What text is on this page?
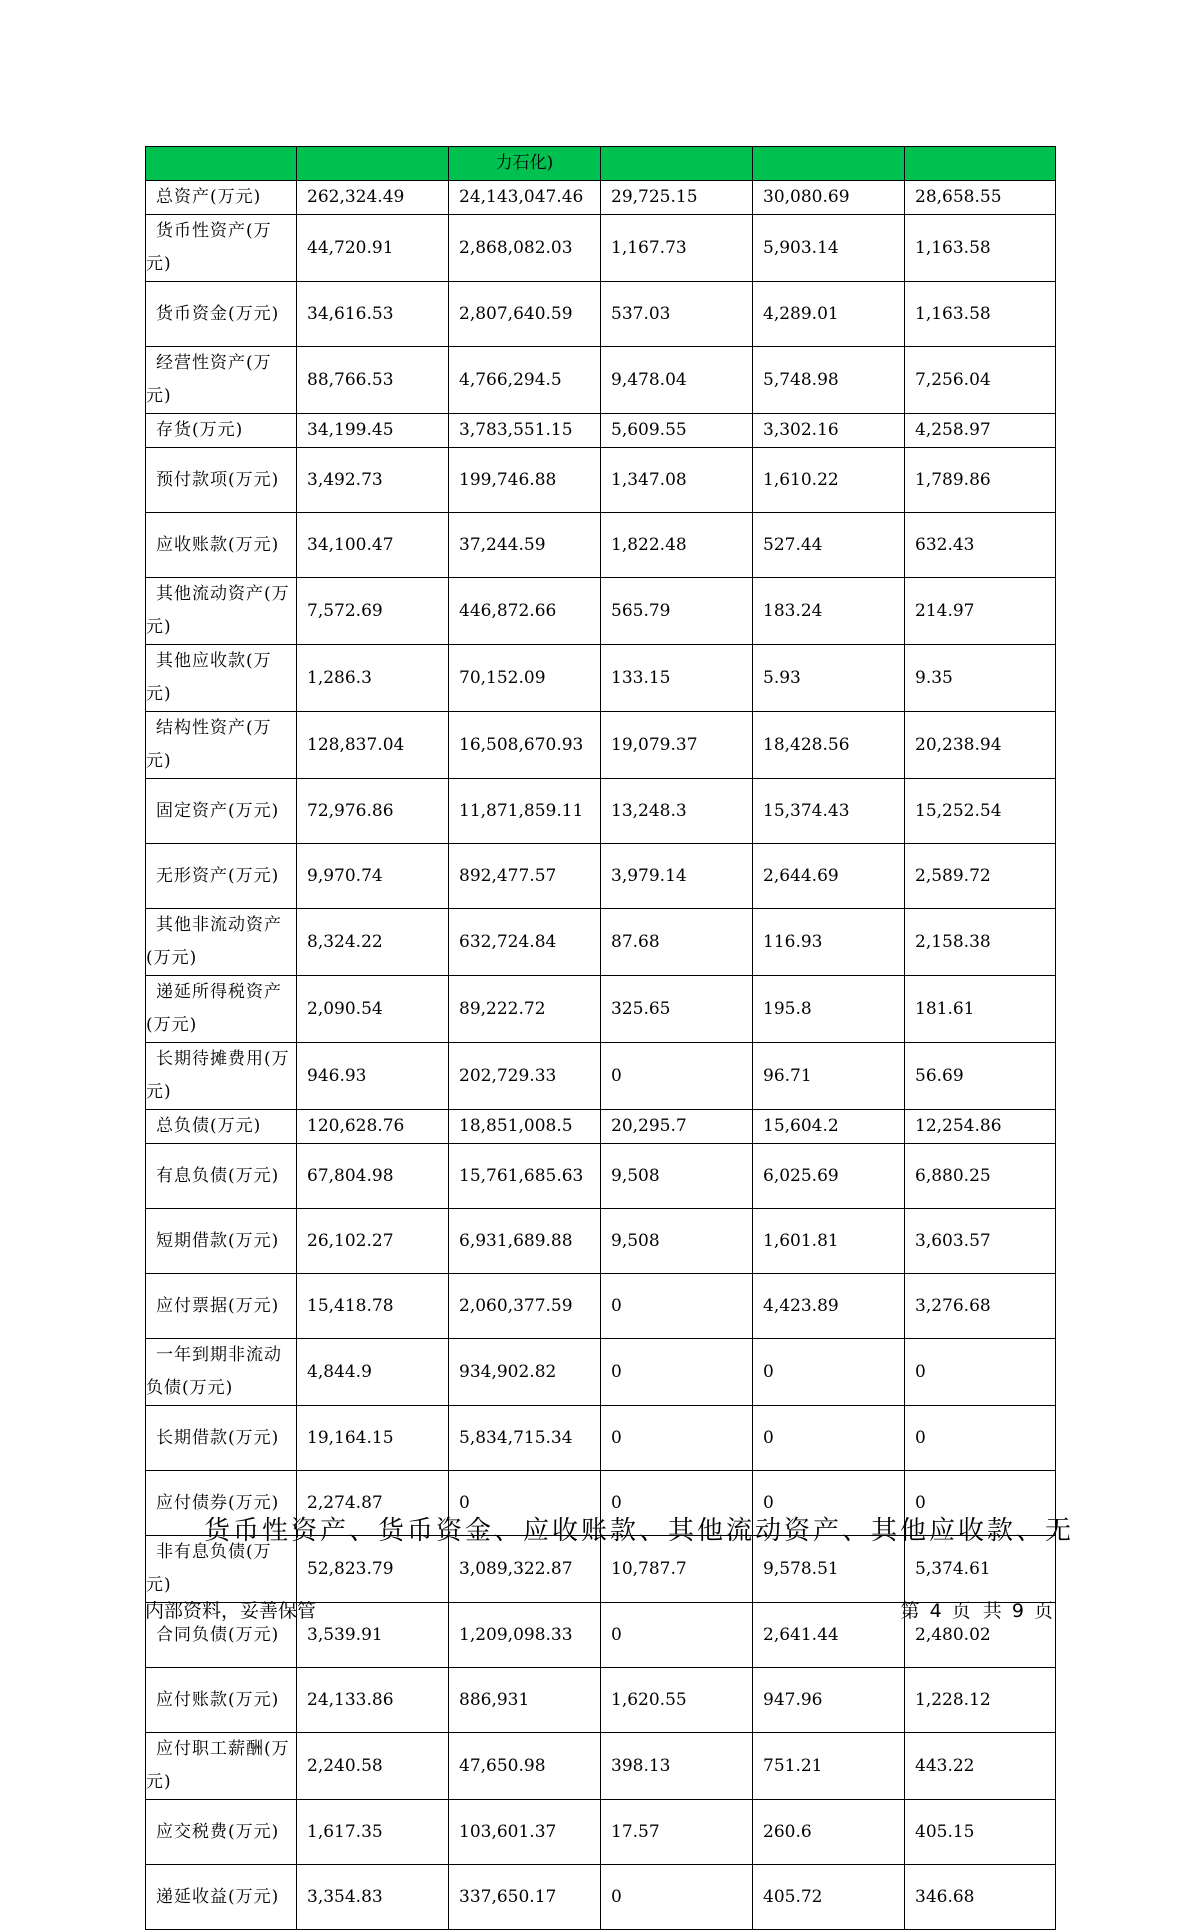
		力石化)			
总资产(万元)	262,324.49	24,143,047.46	29,725.15	30,080.69	28,658.55
货币性资产(万元)	44,720.91	2,868,082.03	1,167.73	5,903.14	1,163.58
货币资金(万元)	34,616.53	2,807,640.59	537.03	4,289.01	1,163.58
经营性资产(万元)	88,766.53	4,766,294.5	9,478.04	5,748.98	7,256.04
存货(万元)	34,199.45	3,783,551.15	5,609.55	3,302.16	4,258.97
预付款项(万元)	3,492.73	199,746.88	1,347.08	1,610.22	1,789.86
应收账款(万元)	34,100.47	37,244.59	1,822.48	527.44	632.43
其他流动资产(万元)	7,572.69	446,872.66	565.79	183.24	214.97
其他应收款(万元)	1,286.3	70,152.09	133.15	5.93	9.35
结构性资产(万元)	128,837.04	16,508,670.93	19,079.37	18,428.56	20,238.94
固定资产(万元)	72,976.86	11,871,859.11	13,248.3	15,374.43	15,252.54
无形资产(万元)	9,970.74	892,477.57	3,979.14	2,644.69	2,589.72
其他非流动资产(万元)	8,324.22	632,724.84	87.68	116.93	2,158.38
递延所得税资产(万元)	2,090.54	89,222.72	325.65	195.8	181.61
长期待摊费用(万元)	946.93	202,729.33	0	96.71	56.69
总负债(万元)	120,628.76	18,851,008.5	20,295.7	15,604.2	12,254.86
有息负债(万元)	67,804.98	15,761,685.63	9,508	6,025.69	6,880.25
短期借款(万元)	26,102.27	6,931,689.88	9,508	1,601.81	3,603.57
应付票据(万元)	15,418.78	2,060,377.59	0	4,423.89	3,276.68
一年到期非流动负债(万元)	4,844.9	934,902.82	0	0	0
长期借款(万元)	19,164.15	5,834,715.34	0	0	0
应付债券(万元)	2,274.87	0	0	0	0
非有息负债(万元)	52,823.79	3,089,322.87	10,787.7	9,578.51	5,374.61
合同负债(万元)	3,539.91	1,209,098.33	0	2,641.44	2,480.02
应付账款(万元)	24,133.86	886,931	1,620.55	947.96	1,228.12
应付职工薪酬(万元)	2,240.58	47,650.98	398.13	751.21	443.22
应交税费(万元)	1,617.35	103,601.37	17.57	260.6	405.15
递延收益(万元)	3,354.83	337,650.17	0	405.72	346.68
货币性资产、货币资金、应收账款、其他流动资产、其他应收款、无
内部资料，妥善保管	第 4 页  共 9 页
